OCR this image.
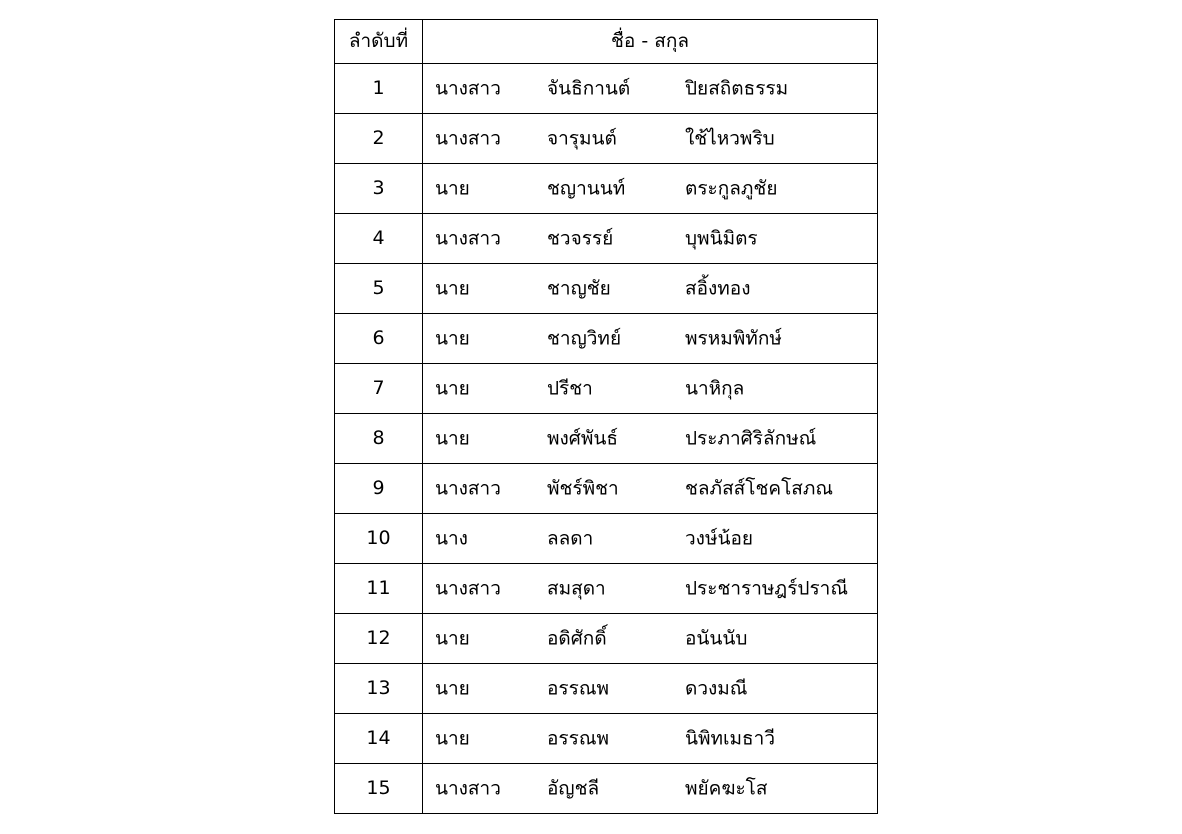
ลำดับที่	ชื่อ - สกุล
1	นางสาว จันธิกานต์ ปิยสถิตธรรม

2	นางสาว จารุมนต์ ใช้ไหวพริบ

3	นาย ชญานนท์ ตระกูลภูชัย

4	นางสาว ชวจรรย์ บุพนิมิตร

5	นาย ชาญชัย สอิ้งทอง

6	นาย ชาญวิทย์ พรหมพิทักษ์

7	นาย ปรีชา นาหิกุล

8	นาย พงศ์พันธ์ ประภาศิริลักษณ์

9	นางสาว พัชร์พิชา ชลภัสส์โชคโสภณ

10	นาง ลลดา วงษ์น้อย

11	นางสาว สมสุดา ประชาราษฎร์ปราณี

12	นาย อดิศักดิ์ อนันนับ

13	นาย อรรณพ ดวงมณี

14	นาย อรรณพ นิพิทเมธาวี

15	นางสาว อัญชลี พยัคฆะโส
